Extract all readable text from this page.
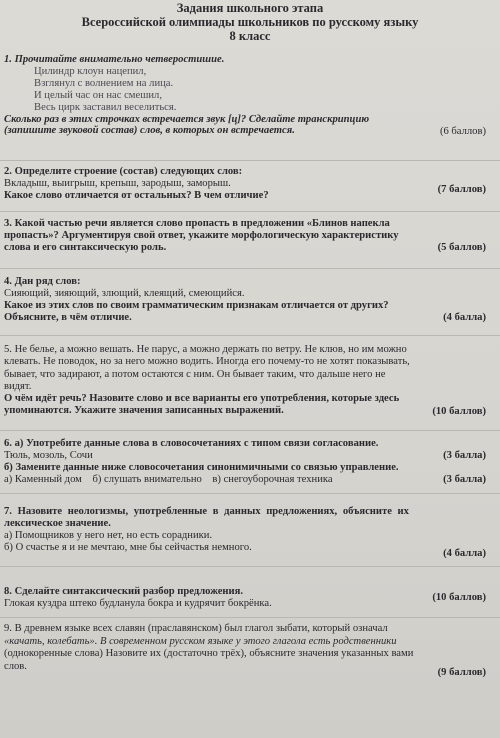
Задания школьного этапа
Всероссийской олимпиады школьников по русскому языку
8 класс
1. Прочитайте внимательно четверостишие.
Цилиндр клоун нацепил,
Взглянул с волнением на лица.
И целый час он нас смешил,
Весь цирк заставил веселиться.
Сколько раз в этих строчках встречается звук [ц]? Сделайте транскрипцию
(запишите звуковой состав) слов, в которых он встречается.	(6 баллов)
2. Определите строение (состав) следующих слов:
Вкладыш, выигрыш, крепыш, зародыш, заморыш.
Какое слово отличается от остальных? В чем отличие?
(7 баллов)
3. Какой частью речи является слово пропасть в предложении «Блинов напекла
пропасть»? Аргументируя свой ответ, укажите морфологическую характеристику
слова и его синтаксическую роль.	(5 баллов)
4. Дан ряд слов:
Сияющий, зияющий, злющий, клеящий, смеющийся.
Какое из этих слов по своим грамматическим признакам отличается от других?
Объясните, в чём отличие.	(4 балла)
5. Не белье, а можно вешать. Не парус, а можно держать по ветру. Не клюв, но им можно
клевать. Не поводок, но за него можно водить. Иногда его почему-то не хотят показывать,
бывает, что задирают, а потом остаются с ним. Он бывает таким, что дальше него не
видят.
О чём идёт речь? Назовите слово и все варианты его употребления, которые здесь
упоминаются. Укажите значения записанных выражений.	(10 баллов)
6. а) Употребите данные слова в словосочетаниях с типом связи согласование.
Тюль, мозоль, Сочи
б) Замените данные ниже словосочетания синонимичными со связью управление.
а) Каменный дом    б) слушать внимательно    в) снегоуборочная техника
(3 балла)
(3 балла)
7. Назовите неологизмы, употребленные в данных предложениях, объясните их
лексическое значение.
а) Помощников у него нет, но есть сорадники.
б) О счастье я и не мечтаю, мне бы сейчастья немного.
(4 балла)
8. Сделайте синтаксический разбор предложения.
Глокая куздра штеко будланула бокра и кудрячит бокрёнка.
(10 баллов)
9. В древнем языке всех славян (праславянском) был глагол зыбати, который означал
«качать, колебать». В современном русском языке у этого глагола есть родственники
(однокоренные слова) Назовите их (достаточно трёх), объясните значения указанных вами
слов.
(9 баллов)
